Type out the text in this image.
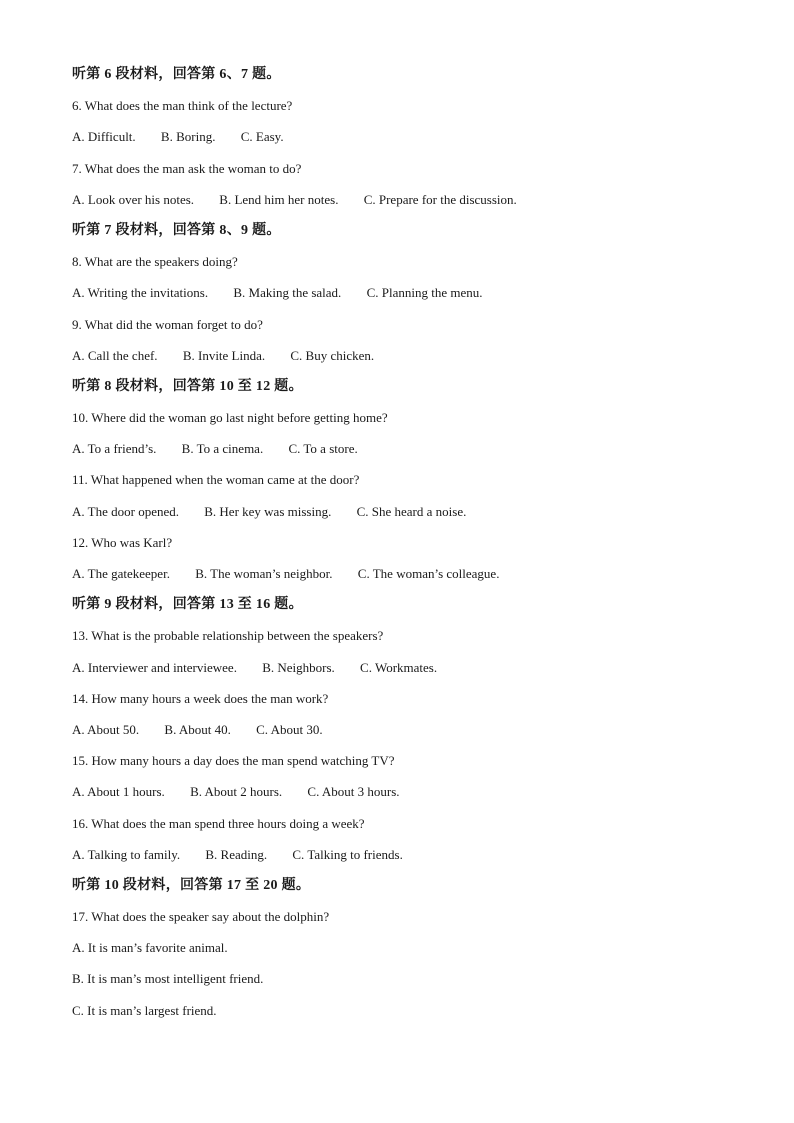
听第 6 段材料，回答第 6、7 题。
6. What does the man think of the lecture?
A. Difficult. B. Boring. C. Easy.
7. What does the man ask the woman to do?
A. Look over his notes. B. Lend him her notes. C. Prepare for the discussion.
听第 7 段材料，回答第 8、9 题。
8. What are the speakers doing?
A. Writing the invitations. B. Making the salad. C. Planning the menu.
9. What did the woman forget to do?
A. Call the chef. B. Invite Linda. C. Buy chicken.
听第 8 段材料，回答第 10 至 12 题。
10. Where did the woman go last night before getting home?
A. To a friend’s. B. To a cinema. C. To a store.
11. What happened when the woman came at the door?
A. The door opened. B. Her key was missing. C. She heard a noise.
12. Who was Karl?
A. The gatekeeper. B. The woman’s neighbor. C. The woman’s colleague.
听第 9 段材料，回答第 13 至 16 题。
13. What is the probable relationship between the speakers?
A. Interviewer and interviewee. B. Neighbors. C. Workmates.
14. How many hours a week does the man work?
A. About 50. B. About 40. C. About 30.
15. How many hours a day does the man spend watching TV?
A. About 1 hours. B. About 2 hours. C. About 3 hours.
16. What does the man spend three hours doing a week?
A. Talking to family. B. Reading. C. Talking to friends.
听第 10 段材料，回答第 17 至 20 题。
17. What does the speaker say about the dolphin?
A. It is man’s favorite animal.
B. It is man’s most intelligent friend.
C. It is man’s largest friend.
